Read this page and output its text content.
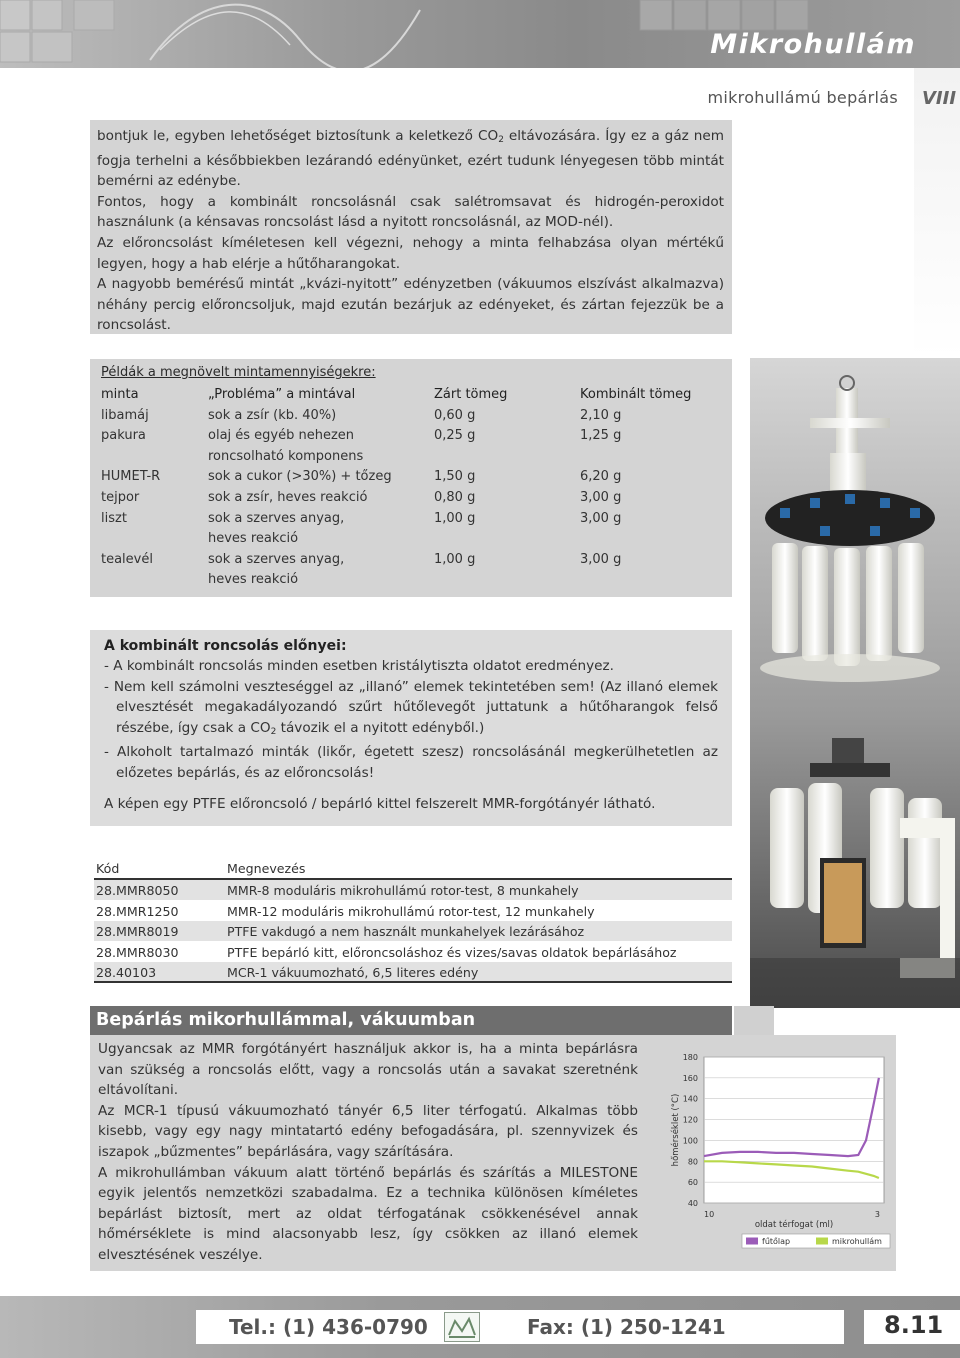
Mikrohullám
mikrohullámú bepárlás VIII

bontjuk le, egyben lehetőséget biztosítunk a keletkező $CO_2$ eltávozására. Így ez a gáz nem fogja terhelni a későbbiekben lezárandó edényünket, ezért tudunk lényegesen több mintát bemérni az edénybe.

Fontos, hogy a kombinált roncsolásnál csak salétromsavat és hidrogén-peroxidot használunk (a kénsavas roncsolást lásd a nyitott roncsolásnál, az MOD-nél).

Az előroncsolást kíméletesen kell végezni, nehogy a minta felhabzása olyan mértékű legyen, hogy a hab elérje a hűtőharangokat.

A nagyobb bemérésű mintát „kvázi-nyitott” edényzetben (vákuumos elszívást alkalmazva) néhány percig előroncsoljuk, majd ezután bezárjuk az edényeket, és zártan fejezzük be a roncsolást.

Példák a megnövelt mintamennyiségekre:
minta	„Probléma” a mintával	Zárt tömeg	Kombinált tömeg
libamáj	sok a zsír (kb. 40%)	0,60 g	2,10 g
pakura	olaj és egyéb nehezen	0,25 g	1,25 g
roncsolható komponens
HUMET-R	sok a cukor (>30%) + tőzeg	1,50 g	6,20 g
tejpor	sok a zsír, heves reakció	0,80 g	3,00 g
liszt	sok a szerves anyag,	1,00 g	3,00 g
heves reakció
tealevél	sok a szerves anyag,	1,00 g	3,00 g
heves reakció
A kombinált roncsolás előnyei:
- A kombinált roncsolás minden esetben kristálytiszta oldatot eredményez.
- Nem kell számolni veszteséggel az „illanó” elemek tekintetében sem! (Az illanó elemek elvesztését megakadályozandó szűrt hűtőlevegőt juttatunk a hűtőharangok felső részébe, így csak a $CO_2$ távozik el a nyitott edényből.)
- Alkoholt tartalmazó minták (likőr, égetett szesz) roncsolásánál megkerülhetetlen az előzetes bepárlás, és az előroncsolás!
A képen egy PTFE előroncsoló / bepárló kittel felszerelt MMR-forgótányér látható.
Kód	Megnevezés
28.MMR8050	MMR-8 moduláris mikrohullámú rotor-test, 8 munkahely
28.MMR1250	MMR-12 moduláris mikrohullámú rotor-test, 12 munkahely
28.MMR8019	PTFE vakdugó a nem használt munkahelyek lezárásához
28.MMR8030	PTFE bepárló kitt, előroncsoláshoz és vizes/savas oldatok bepárlásához
28.40103	MCR-1 vákuumozható, 6,5 literes edény
Bepárlás mikorhullámmal, vákuumban

Ugyancsak az MMR forgótányért használjuk akkor is, ha a minta bepárlásra van szükség a roncsolás előtt, vagy a roncsolás után a savakat szeretnénk eltávolítani.

Az MCR-1 típusú vákuumozható tányér 6,5 liter térfogatú. Alkalmas több kisebb, vagy egy nagy mintatartó edény befogadására, pl. szennyvizek és iszapok „bűzmentes” bepárlására, vagy szárítására.

A mikrohullámban vákuum alatt történő bepárlás és szárítás a MILESTONE egyik jelentős nemzetközi szabadalma. Ez a technika különösen kíméletes bepárlást biztosít, mert az oldat térfogatának csökkenésével annak hőmérséklete is mind alacsonyabb lesz, így csökken az illanó elemek elvesztésének veszélye.

180
160
140
120
100
80
60
40
10	3
oldat térfogat (ml)
hőmérséklet (°C)
fűtőlap	mikrohullám
Tel.: (1) 436-0790	Fax: (1) 250-1241	8.11
